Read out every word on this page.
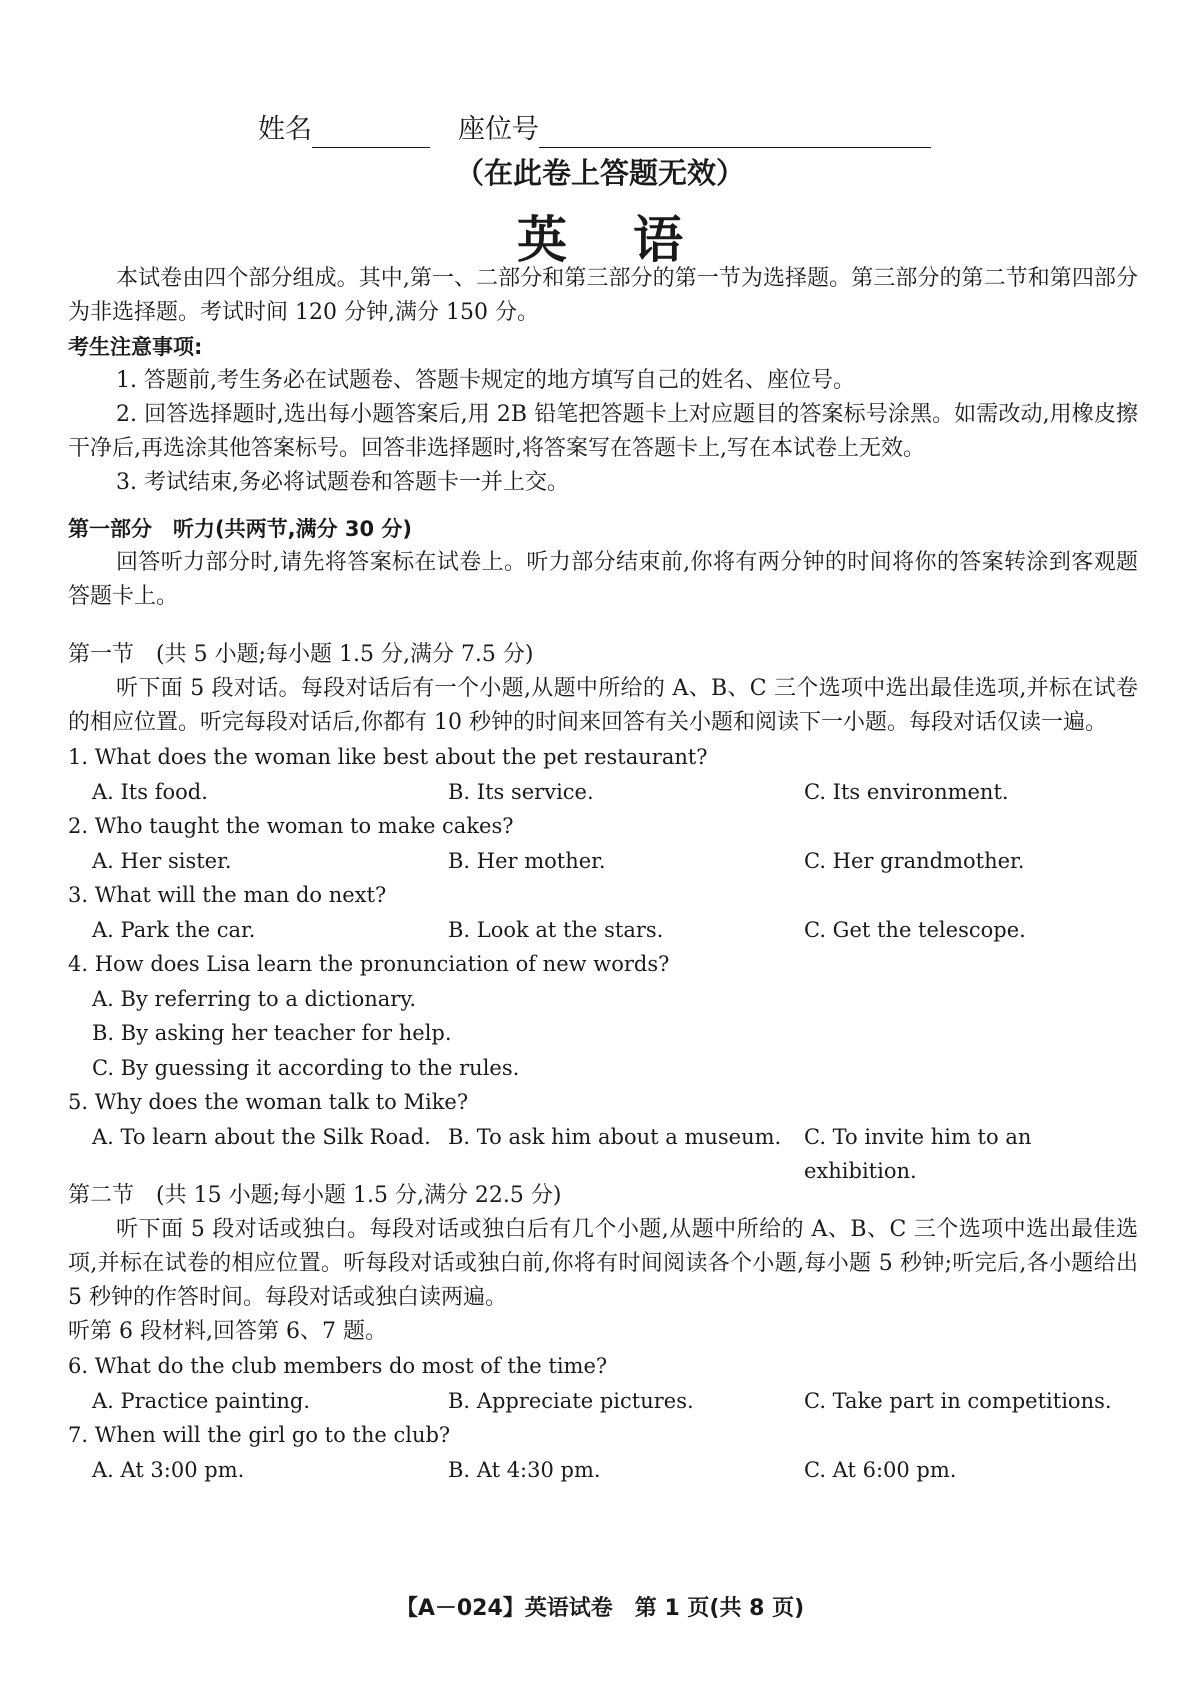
姓名	座位号
（在此卷上答题无效）
英语

本试卷由四个部分组成。其中,第一、二部分和第三部分的第一节为选择题。第三部分的第二节和第四部分为非选择题。考试时间 120 分钟,满分 150 分。

考生注意事项:

1. 答题前,考生务必在试题卷、答题卡规定的地方填写自己的姓名、座位号。

2. 回答选择题时,选出每小题答案后,用 2B 铅笔把答题卡上对应题目的答案标号涂黑。如需改动,用橡皮擦干净后,再选涂其他答案标号。回答非选择题时,将答案写在答题卡上,写在本试卷上无效。

3. 考试结束,务必将试题卷和答题卡一并上交。

第一部分　听力(共两节,满分 30 分)

回答听力部分时,请先将答案标在试卷上。听力部分结束前,你将有两分钟的时间将你的答案转涂到客观题答题卡上。

第一节　(共 5 小题;每小题 1.5 分,满分 7.5 分)

听下面 5 段对话。每段对话后有一个小题,从题中所给的 A、B、C 三个选项中选出最佳选项,并标在试卷的相应位置。听完每段对话后,你都有 10 秒钟的时间来回答有关小题和阅读下一小题。每段对话仅读一遍。

1. What does the woman like best about the pet restaurant?

A. Its food.	B. Its service.	C. Its environment.

2. Who taught the woman to make cakes?

A. Her sister.	B. Her mother.	C. Her grandmother.

3. What will the man do next?

A. Park the car.	B. Look at the stars.	C. Get the telescope.

4. How does Lisa learn the pronunciation of new words?

A. By referring to a dictionary.

B. By asking her teacher for help.

C. By guessing it according to the rules.

5. Why does the woman talk to Mike?

A. To learn about the Silk Road. B. To ask him about a museum.	C. To invite him to an exhibition.

第二节　(共 15 小题;每小题 1.5 分,满分 22.5 分)

听下面 5 段对话或独白。每段对话或独白后有几个小题,从题中所给的 A、B、C 三个选项中选出最佳选项,并标在试卷的相应位置。听每段对话或独白前,你将有时间阅读各个小题,每小题 5 秒钟;听完后,各小题给出 5 秒钟的作答时间。每段对话或独白读两遍。

听第 6 段材料,回答第 6、7 题。

6. What do the club members do most of the time?

A. Practice painting.	B. Appreciate pictures.	C. Take part in competitions.

7. When will the girl go to the club?

A. At 3:00 pm.	B. At 4:30 pm.	C. At 6:00 pm.
【A－024】英语试卷　第 1 页(共 8 页)
